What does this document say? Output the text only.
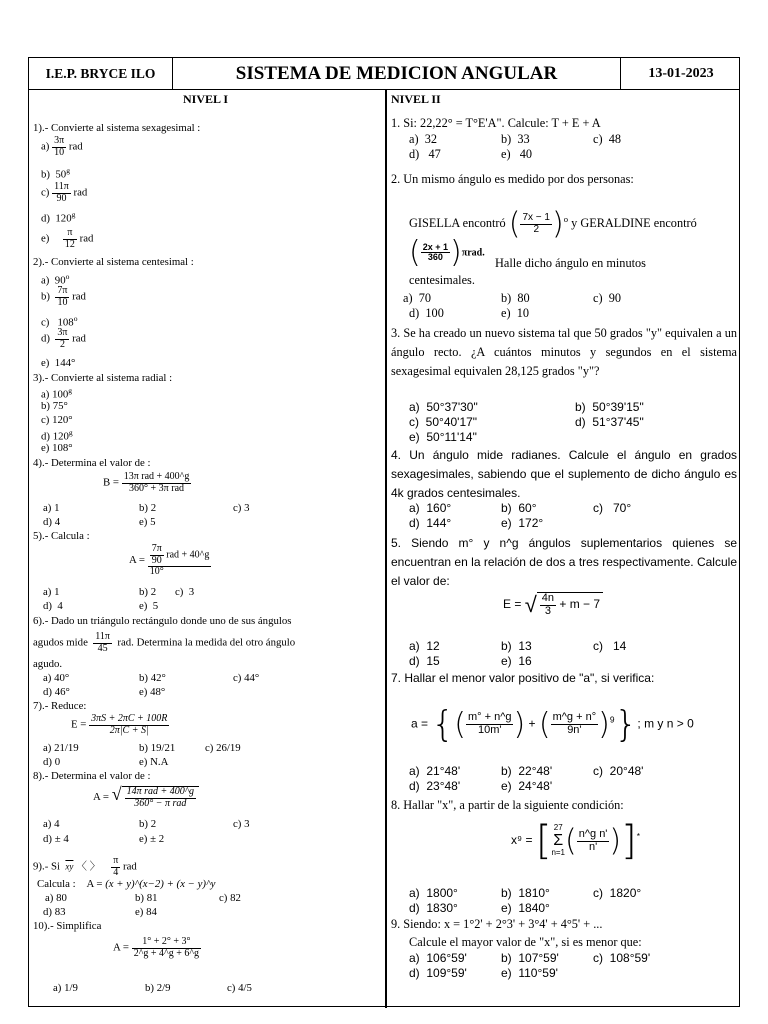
I.E.P. BRYCE ILO	SISTEMA DE MEDICION ANGULAR	13-01-2023
NIVEL I
1).- Convierte al sistema sexagesimal :
$a) \frac{3\pi}{10}$ rad
b)  50$^g$
$c) \frac{11\pi}{90}$ rad
d)  120$^g$
$e) \frac{\pi}{12}$ rad
2).- Convierte al sistema centesimal :
a)  90$^o$
$b) \frac{7\pi}{10}$ rad
c)   108$^o$
$d) \frac{3\pi}{2}$ rad
e)  144°
3).- Convierte al sistema radial :
a) 100$^g$
b) 75°
c) 120°
d) 120$^g$
e) 108°
4).- Determina el valor de :
$B = \frac{\text{13π rad + 400\textasciicircum{}g}}{\text{360° + 3π rad}}$
a) 1	b) 2	c) 3
d) 4	e) 5
5).- Calcula :
$A = \frac{\frac{7\pi}{90} rad + 40\^{}g}{10^\circ}$
a) 1	b) 2 c)  3
d)  4	e)  5
6).- Dado un triángulo rectángulo donde uno de sus ángulos
agudos mide $\frac{11\pi}{45}$ rad. Determina la medida del otro ángulo
agudo.
a) 40°	b) 42°	c) 44°
d) 46°	e) 48°
7).- Reduce:
$E = \frac{3\pi S + 2\pi C + 100R}{2\pi|C + S|}$
a) 21/19	b) 19/21	c) 26/19
d) 0	e) N.A
8).- Determina el valor de :
A = √ $\frac{\text{14π rad + 400\textasciicircum{}g}}{\text{360° − π rad}}$
a) 4	b) 2	c) 3
d) ± 4	e) ± 2
9).- Si $\overline{xy}$ 〈 〉 $\frac{\pi}{4}$ rad
Calcula : A = (x + y)^(x−2) + (x − y)^y
a) 80	b) 81	c) 82
d) 83	e) 84
10).- Simplifica
$A = \frac{1^\circ + 2^\circ + 3^\circ}{2\^{}g + 4\^{}g + 6\^{}g}$
a) 1/9	b) 2/9	c) 4/5
NIVEL II
1. Si: 22,22° = T°E'A". Calcule: T + E + A
a)  32	b)  33	c)  48
d)   47	e)   40
2. Un mismo ángulo es medido por dos personas:
GISELLA encontró ( $\frac{7x - 1}{2} )^o$ y GERALDINE encontró
( $\frac{2x + 1}{360} )\pi rad$.
Halle dicho ángulo en minutos
centesimales.
a)  70	b)  80	c)  90
d)  100	e)  10
3. Se ha creado un nuevo sistema tal que 50 grados "y" equivalen a un ángulo recto. ¿A cuántos minutos y segundos en el sistema sexagesimal equivalen 28,125 grados "y"?
a)  50°37'30"	b)  50°39'15"
c)  50°40'17"	d)  51°37'45"
e)  50°11'14"
4. Un ángulo mide radianes. Calcule el ángulo en grados sexagesimales, sabiendo que el suplemento de dicho ángulo es 4k grados centesimales.
a)  160°	b)  60°	c)   70°
d)  144°	e)  172°
5. Siendo m° y n^g ángulos suplementarios quienes se encuentran en la relación de dos a tres respectivamente. Calcule el valor de:
E = √ $\frac{4n}{3} + m - 7$
a)  12	b)  13	c)   14
d)  15	e)  16
7. Hallar el menor valor positivo de "a", si verifica:
a = {( $\frac{m^\circ + n\^{}g}{10m'}$ ) + ( $\frac{m\^{}g + n^\circ}{9n'} )^9$}; m y n > 0
a)  21°48'	b)  22°48'	c)  20°48'
d)  23°48'	e)  24°48'
8. Hallar "x", a partir de la siguiente condición:
x⁹ = [ 27
Σ
$n=1( \frac{\text{n\textasciicircum{}g n'}}{n'} )]^*$
a)  1800°	b)  1810°	c)  1820°
d)  1830°	e)  1840°
9. Siendo: x = 1°2' + 2°3' + 3°4' + 4°5' + ...
Calcule el mayor valor de "x", si es menor que:
a)  106°59'	b)  107°59'	c)  108°59'
d)  109°59'	e)  110°59'
